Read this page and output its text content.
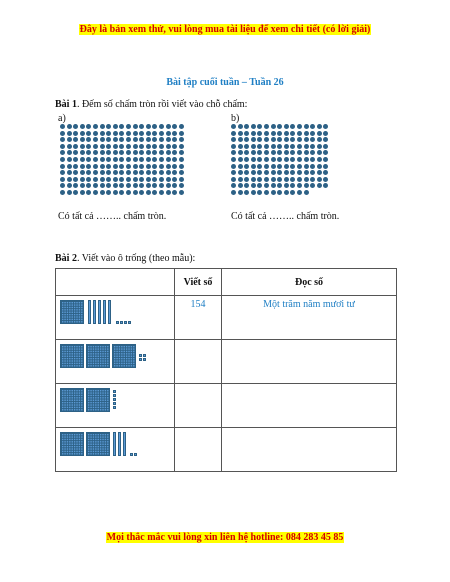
Đây là bản xem thử, vui lòng mua tài liệu để xem chi tiết (có lời giải)
Bài tập cuối tuần – Tuần 26
Bài 1. Đếm số chấm tròn rồi viết vào chỗ chấm:
a)	b)
Có tất cả …….. chấm tròn.	Có tất cả …….. chấm tròn.
Bài 2. Viết vào ô trống (theo mẫu):
	Viết số	Đọc số

	154	Một trăm năm mươi tư

Mọi thắc mắc vui lòng xin liên hệ hotline: 084 283 45 85
